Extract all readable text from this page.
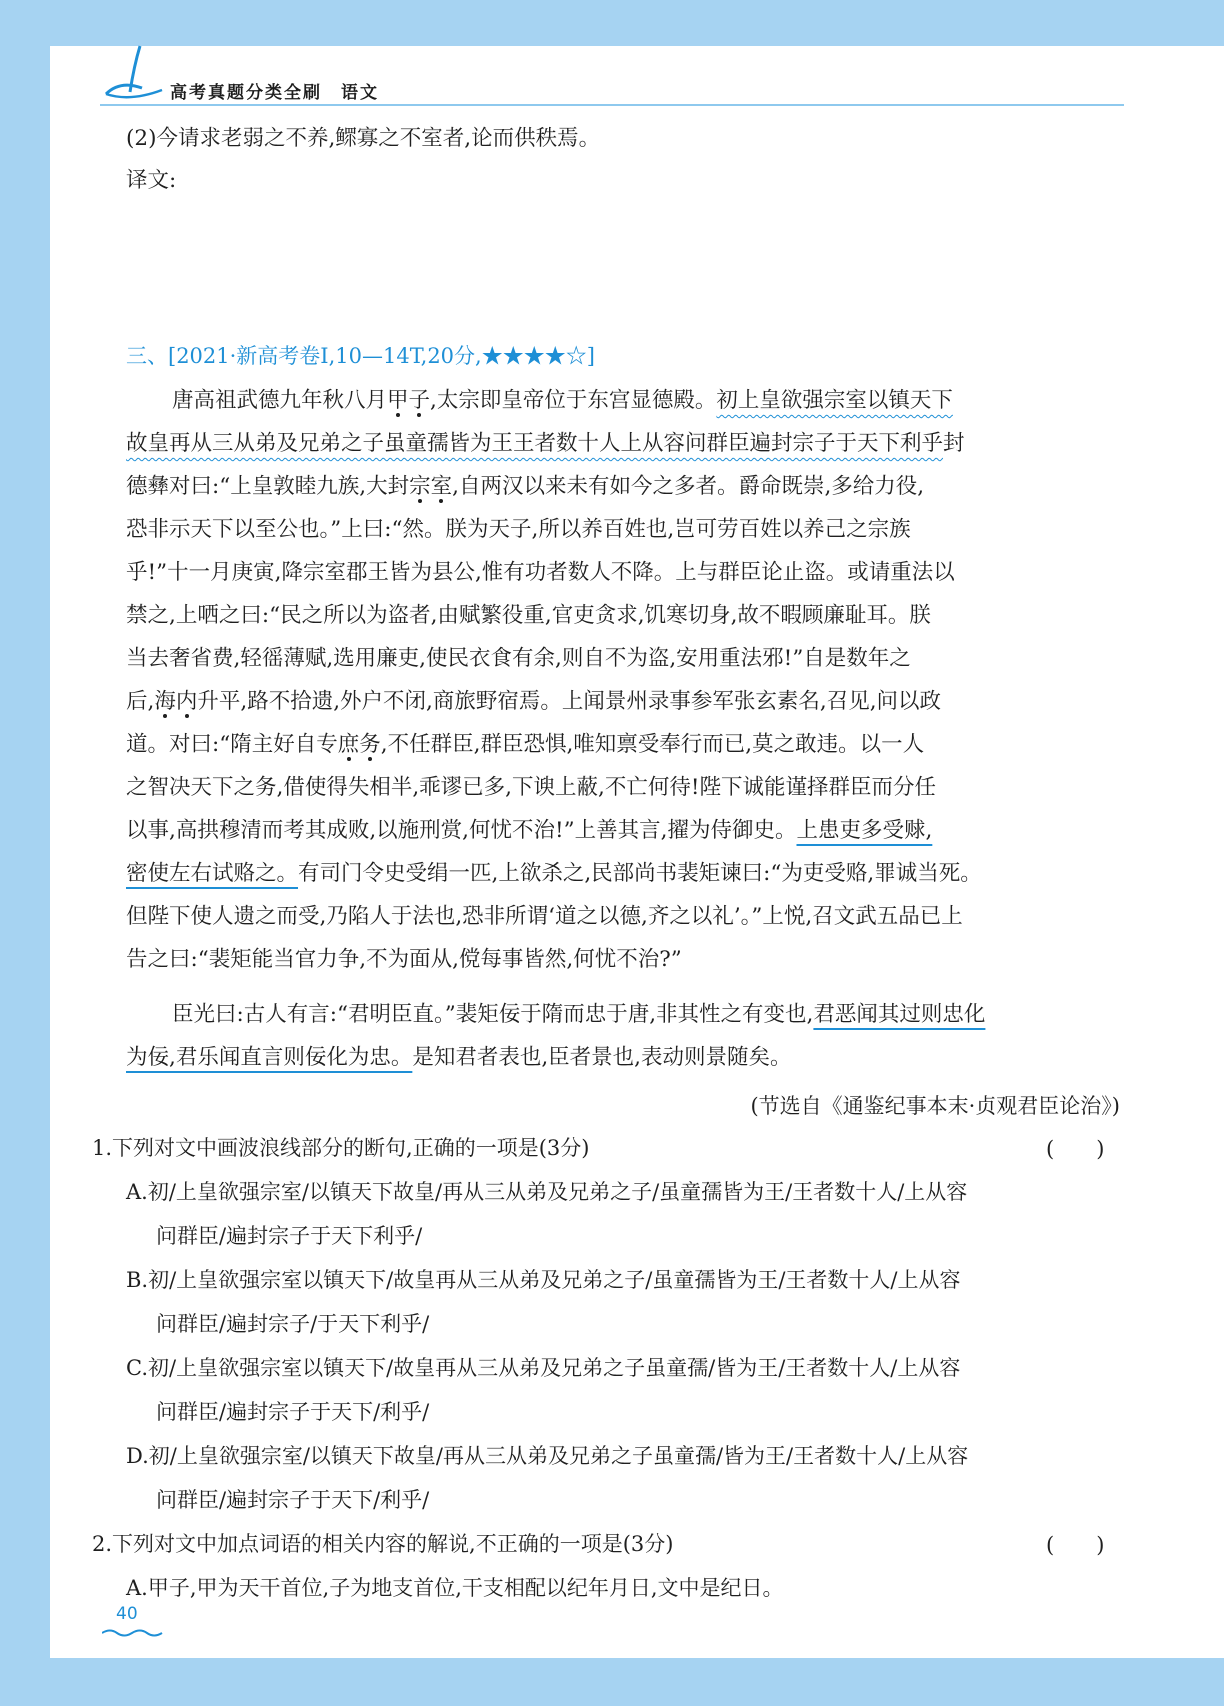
高考真题分类全刷　语文
(2)今请求老弱之不养,鳏寡之不室者,论而供秩焉。
译文:
三、[2021·新高考卷Ⅰ,10—14T,20分,★★★★☆]
唐高祖武德九年秋八月甲子,太宗即皇帝位于东宫显德殿。初上皇欲强宗室以镇天下
故皇再从三从弟及兄弟之子虽童孺皆为王王者数十人上从容问群臣遍封宗子于天下利乎封
德彝对曰:“上皇敦睦九族,大封宗室,自两汉以来未有如今之多者。爵命既崇,多给力役,
恐非示天下以至公也。”上曰:“然。朕为天子,所以养百姓也,岂可劳百姓以养己之宗族
乎!”十一月庚寅,降宗室郡王皆为县公,惟有功者数人不降。上与群臣论止盗。或请重法以
禁之,上哂之曰:“民之所以为盗者,由赋繁役重,官吏贪求,饥寒切身,故不暇顾廉耻耳。朕
当去奢省费,轻徭薄赋,选用廉吏,使民衣食有余,则自不为盗,安用重法邪!”自是数年之
后,海内升平,路不拾遗,外户不闭,商旅野宿焉。上闻景州录事参军张玄素名,召见,问以政
道。对曰:“隋主好自专庶务,不任群臣,群臣恐惧,唯知禀受奉行而已,莫之敢违。以一人
之智决天下之务,借使得失相半,乖谬已多,下谀上蔽,不亡何待!陛下诚能谨择群臣而分任
以事,高拱穆清而考其成败,以施刑赏,何忧不治!”上善其言,擢为侍御史。上患吏多受赇,
密使左右试赂之。有司门令史受绢一匹,上欲杀之,民部尚书裴矩谏曰:“为吏受赂,罪诚当死。
但陛下使人遗之而受,乃陷人于法也,恐非所谓‘道之以德,齐之以礼’。”上悦,召文武五品已上
告之曰:“裴矩能当官力争,不为面从,傥每事皆然,何忧不治?”
臣光曰:古人有言:“君明臣直。”裴矩佞于隋而忠于唐,非其性之有变也,君恶闻其过则忠化
为佞,君乐闻直言则佞化为忠。是知君者表也,臣者景也,表动则景随矣。
(节选自《通鉴纪事本末·贞观君臣论治》)
1.下列对文中画波浪线部分的断句,正确的一项是(3分)	(　　)
A.初/上皇欲强宗室/以镇天下故皇/再从三从弟及兄弟之子/虽童孺皆为王/王者数十人/上从容
问群臣/遍封宗子于天下利乎/
B.初/上皇欲强宗室以镇天下/故皇再从三从弟及兄弟之子/虽童孺皆为王/王者数十人/上从容
问群臣/遍封宗子/于天下利乎/
C.初/上皇欲强宗室以镇天下/故皇再从三从弟及兄弟之子虽童孺/皆为王/王者数十人/上从容
问群臣/遍封宗子于天下/利乎/
D.初/上皇欲强宗室/以镇天下故皇/再从三从弟及兄弟之子虽童孺/皆为王/王者数十人/上从容
问群臣/遍封宗子于天下/利乎/
2.下列对文中加点词语的相关内容的解说,不正确的一项是(3分)	(　　)
A.甲子,甲为天干首位,子为地支首位,干支相配以纪年月日,文中是纪日。
40
